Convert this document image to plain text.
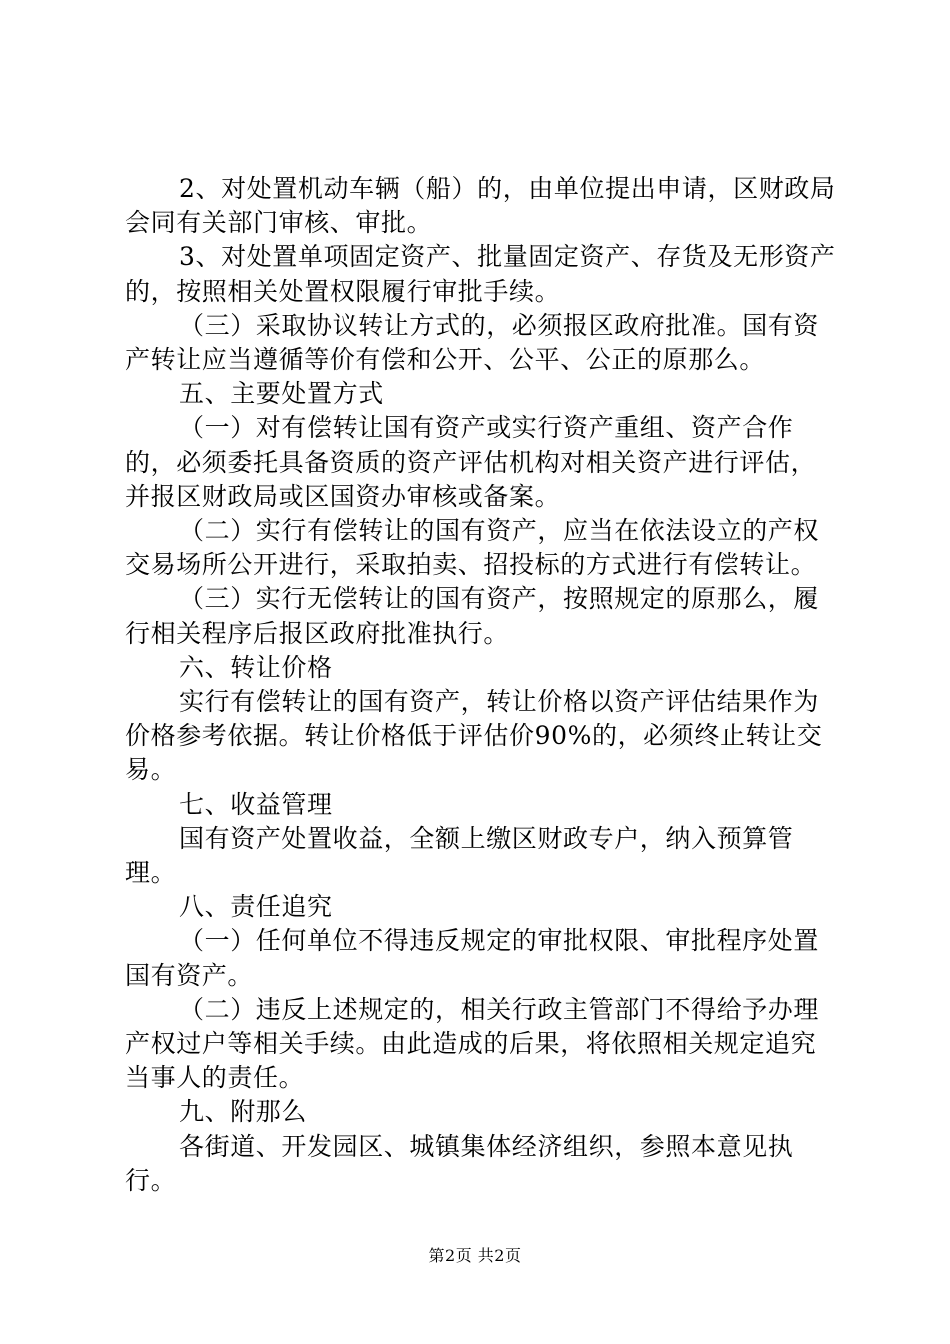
2、对处置机动车辆（船）的，由单位提出申请，区财政局会同有关部门审核、审批。

3、对处置单项固定资产、批量固定资产、存货及无形资产的，按照相关处置权限履行审批手续。

（三）采取协议转让方式的，必须报区政府批准。国有资产转让应当遵循等价有偿和公开、公平、公正的原那么。

五、主要处置方式

（一）对有偿转让国有资产或实行资产重组、资产合作的，必须委托具备资质的资产评估机构对相关资产进行评估，并报区财政局或区国资办审核或备案。

（二）实行有偿转让的国有资产，应当在依法设立的产权交易场所公开进行，采取拍卖、招投标的方式进行有偿转让。

（三）实行无偿转让的国有资产，按照规定的原那么，履行相关程序后报区政府批准执行。

六、转让价格

实行有偿转让的国有资产，转让价格以资产评估结果作为价格参考依据。转让价格低于评估价90%的，必须终止转让交易。

七、收益管理

国有资产处置收益，全额上缴区财政专户，纳入预算管理。

八、责任追究

（一）任何单位不得违反规定的审批权限、审批程序处置国有资产。

（二）违反上述规定的，相关行政主管部门不得给予办理产权过户等相关手续。由此造成的后果，将依照相关规定追究当事人的责任。

九、附那么

各街道、开发园区、城镇集体经济组织，参照本意见执行。

第2页 共2页
